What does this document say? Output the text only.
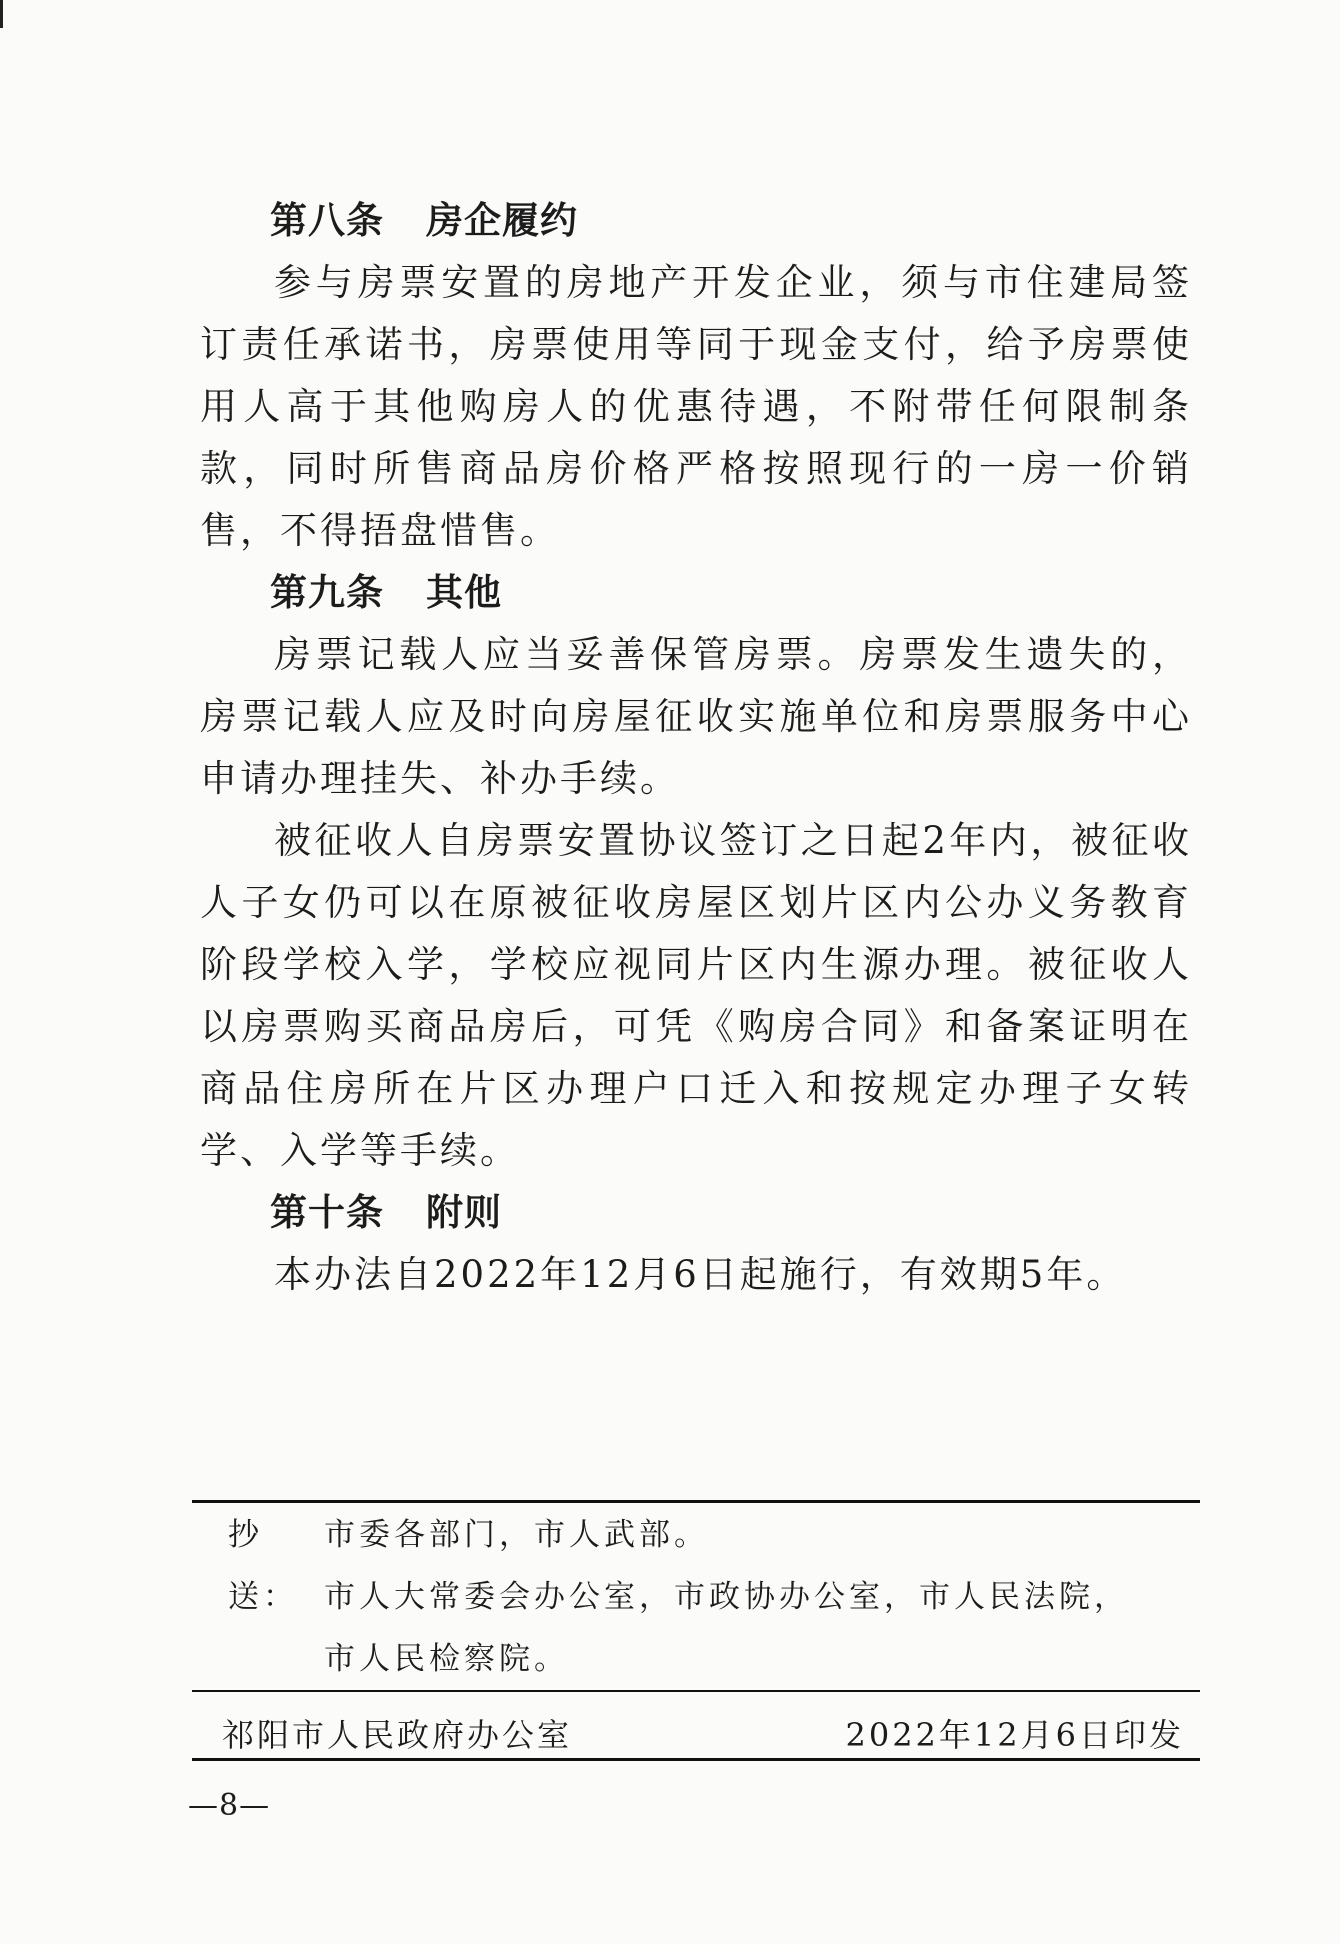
第八条 房企履约

参与房票安置的房地产开发企业，须与市住建局签订责任承诺书，房票使用等同于现金支付，给予房票使用人高于其他购房人的优惠待遇，不附带任何限制条款，同时所售商品房价格严格按照现行的一房一价销售，不得捂盘惜售。

第九条 其他

房票记载人应当妥善保管房票。房票发生遗失的，房票记载人应及时向房屋征收实施单位和房票服务中心申请办理挂失、补办手续。

被征收人自房票安置协议签订之日起2年内，被征收人子女仍可以在原被征收房屋区划片区内公办义务教育阶段学校入学，学校应视同片区内生源办理。被征收人以房票购买商品房后，可凭《购房合同》和备案证明在商品住房所在片区办理户口迁入和按规定办理子女转学、入学等手续。

第十条 附则

本办法自2022年12月6日起施行，有效期5年。

抄送：
市委各部门，市人武部。
市人大常委会办公室，市政协办公室，市人民法院，
市人民检察院。
祁阳市人民政府办公室	2022年12月6日印发
—8—
